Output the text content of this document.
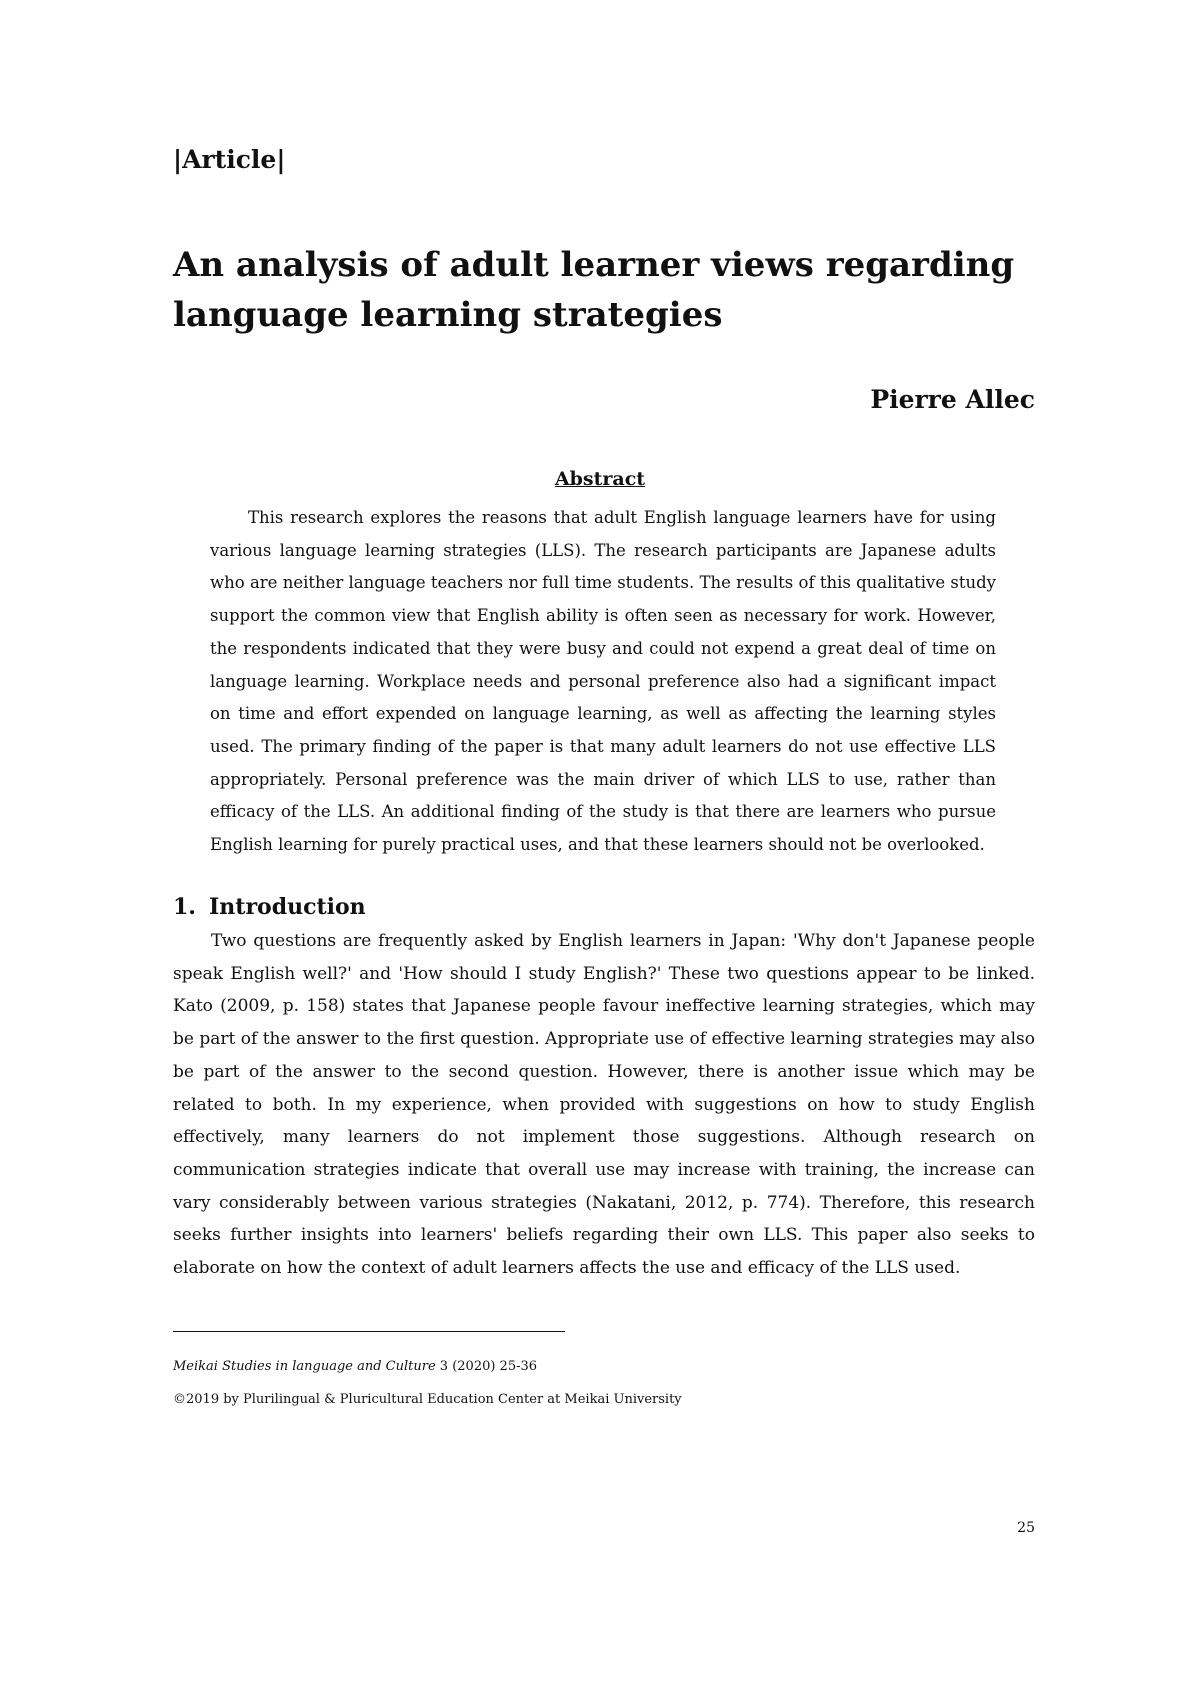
|Article|
An analysis of adult learner views regarding language learning strategies
Pierre Allec
Abstract

This research explores the reasons that adult English language learners have for using various language learning strategies (LLS). The research participants are Japanese adults who are neither language teachers nor full time students. The results of this qualitative study support the common view that English ability is often seen as necessary for work. However, the respondents indicated that they were busy and could not expend a great deal of time on language learning. Workplace needs and personal preference also had a significant impact on time and effort expended on language learning, as well as affecting the learning styles used. The primary finding of the paper is that many adult learners do not use effective LLS appropriately. Personal preference was the main driver of which LLS to use, rather than efficacy of the LLS. An additional finding of the study is that there are learners who pursue English learning for purely practical uses, and that these learners should not be overlooked.

1. Introduction

Two questions are frequently asked by English learners in Japan: 'Why don't Japanese people speak English well?' and 'How should I study English?' These two questions appear to be linked. Kato (2009, p. 158) states that Japanese people favour ineffective learning strategies, which may be part of the answer to the first question. Appropriate use of effective learning strategies may also be part of the answer to the second question. However, there is another issue which may be related to both. In my experience, when provided with suggestions on how to study English effectively, many learners do not implement those suggestions. Although research on communication strategies indicate that overall use may increase with training, the increase can vary considerably between various strategies (Nakatani, 2012, p. 774). Therefore, this research seeks further insights into learners' beliefs regarding their own LLS. This paper also seeks to elaborate on how the context of adult learners affects the use and efficacy of the LLS used.

Meikai Studies in language and Culture 3 (2020) 25-36
©2019 by Plurilingual & Pluricultural Education Center at Meikai University
25
